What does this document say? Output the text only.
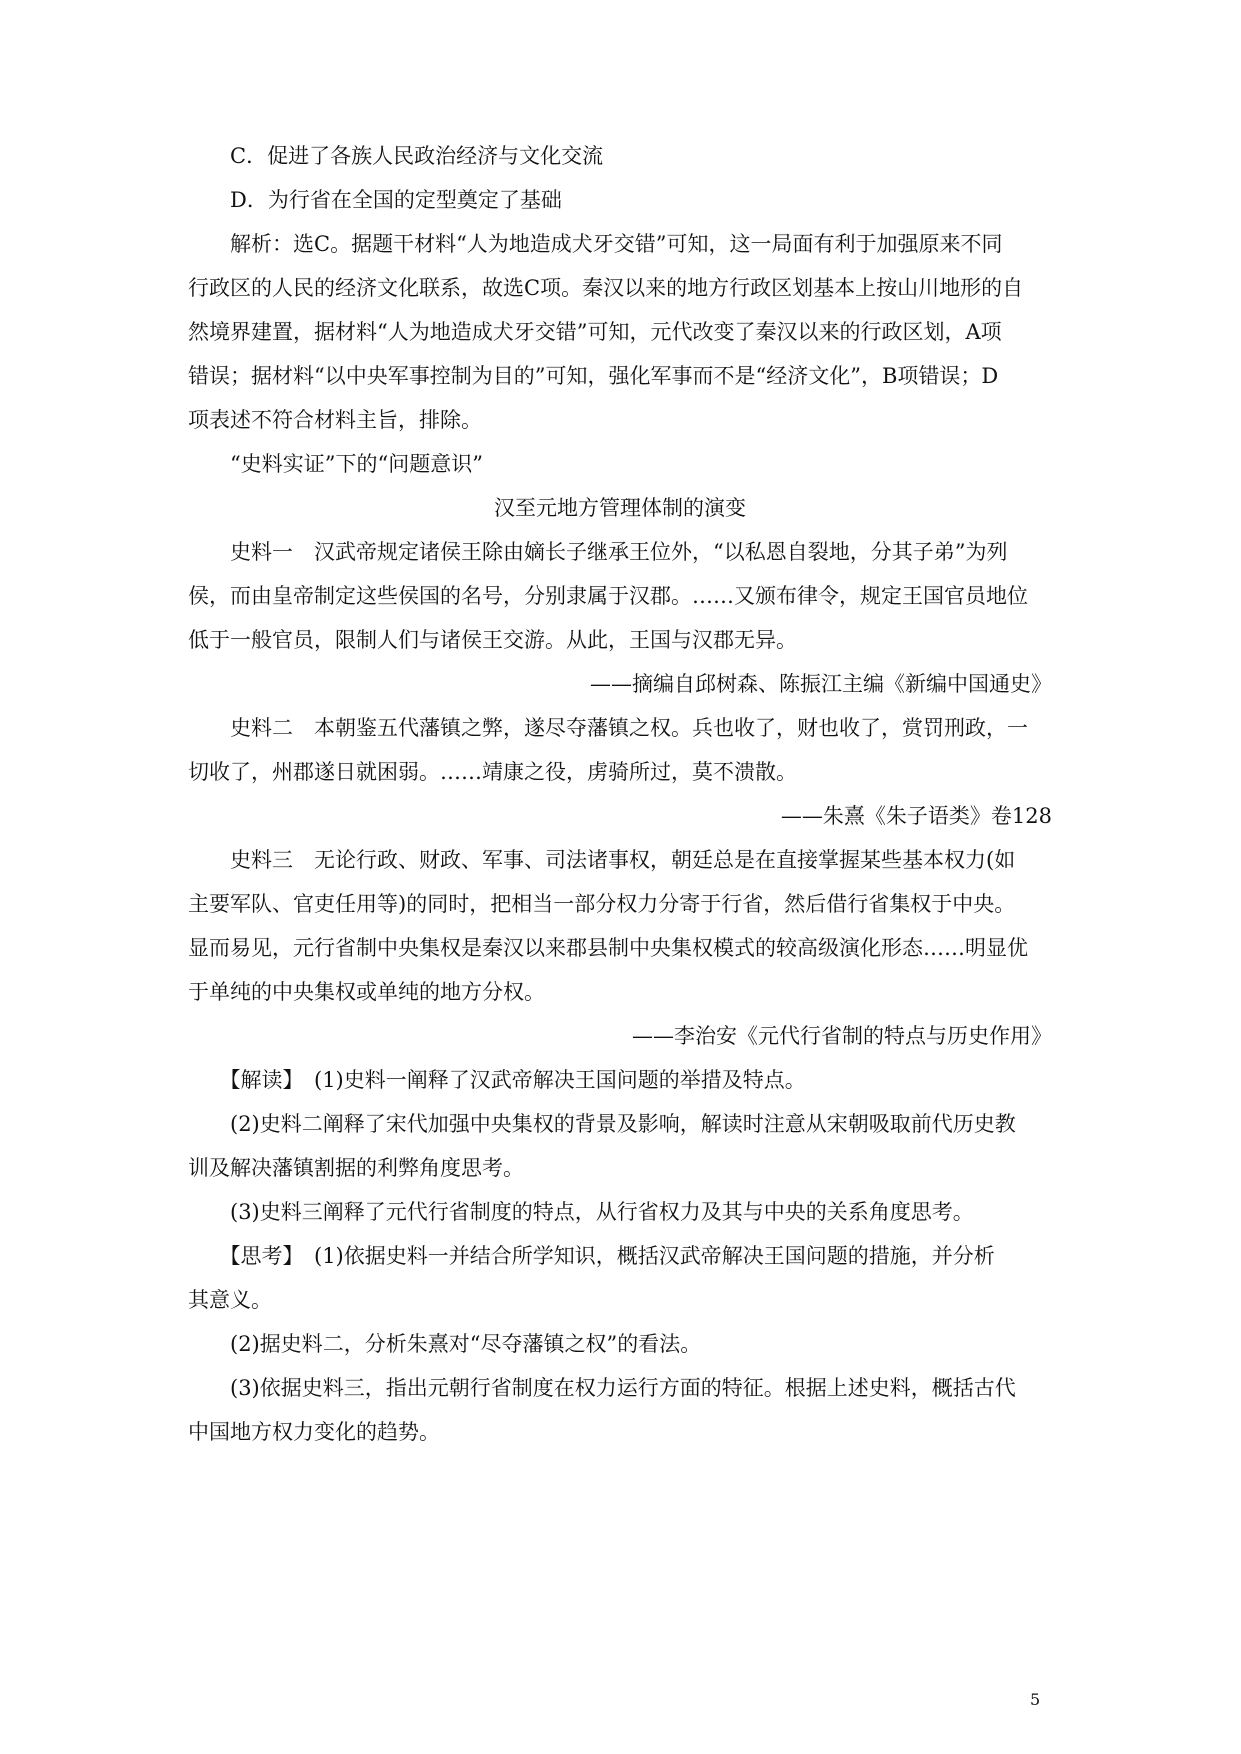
　　C．促进了各族人民政治经济与文化交流
　　D．为行省在全国的定型奠定了基础
　　解析：选C。据题干材料“人为地造成犬牙交错”可知，这一局面有利于加强原来不同
行政区的人民的经济文化联系，故选C项。秦汉以来的地方行政区划基本上按山川地形的自
然境界建置，据材料“人为地造成犬牙交错”可知，元代改变了秦汉以来的行政区划，A项
错误；据材料“以中央军事控制为目的”可知，强化军事而不是“经济文化”，B项错误；D
项表述不符合材料主旨，排除。
　　“史料实证”下的“问题意识”
汉至元地方管理体制的演变
　　史料一　汉武帝规定诸侯王除由嫡长子继承王位外，“以私恩自裂地，分其子弟”为列
侯，而由皇帝制定这些侯国的名号，分别隶属于汉郡。……又颁布律令，规定王国官员地位
低于一般官员，限制人们与诸侯王交游。从此，王国与汉郡无异。
——摘编自邱树森、陈振江主编《新编中国通史》
　　史料二　本朝鉴五代藩镇之弊，遂尽夺藩镇之权。兵也收了，财也收了，赏罚刑政，一
切收了，州郡遂日就困弱。……靖康之役，虏骑所过，莫不溃散。
——朱熹《朱子语类》卷128
　　史料三　无论行政、财政、军事、司法诸事权，朝廷总是在直接掌握某些基本权力(如
主要军队、官吏任用等)的同时，把相当一部分权力分寄于行省，然后借行省集权于中央。
显而易见，元行省制中央集权是秦汉以来郡县制中央集权模式的较高级演化形态……明显优
于单纯的中央集权或单纯的地方分权。
——李治安《元代行省制的特点与历史作用》
　　【解读】　(1)史料一阐释了汉武帝解决王国问题的举措及特点。
　　(2)史料二阐释了宋代加强中央集权的背景及影响，解读时注意从宋朝吸取前代历史教
训及解决藩镇割据的利弊角度思考。
　　(3)史料三阐释了元代行省制度的特点，从行省权力及其与中央的关系角度思考。
　　【思考】　(1)依据史料一并结合所学知识，概括汉武帝解决王国问题的措施，并分析
其意义。
　　(2)据史料二，分析朱熹对“尽夺藩镇之权”的看法。
　　(3)依据史料三，指出元朝行省制度在权力运行方面的特征。根据上述史料，概括古代
中国地方权力变化的趋势。
5
